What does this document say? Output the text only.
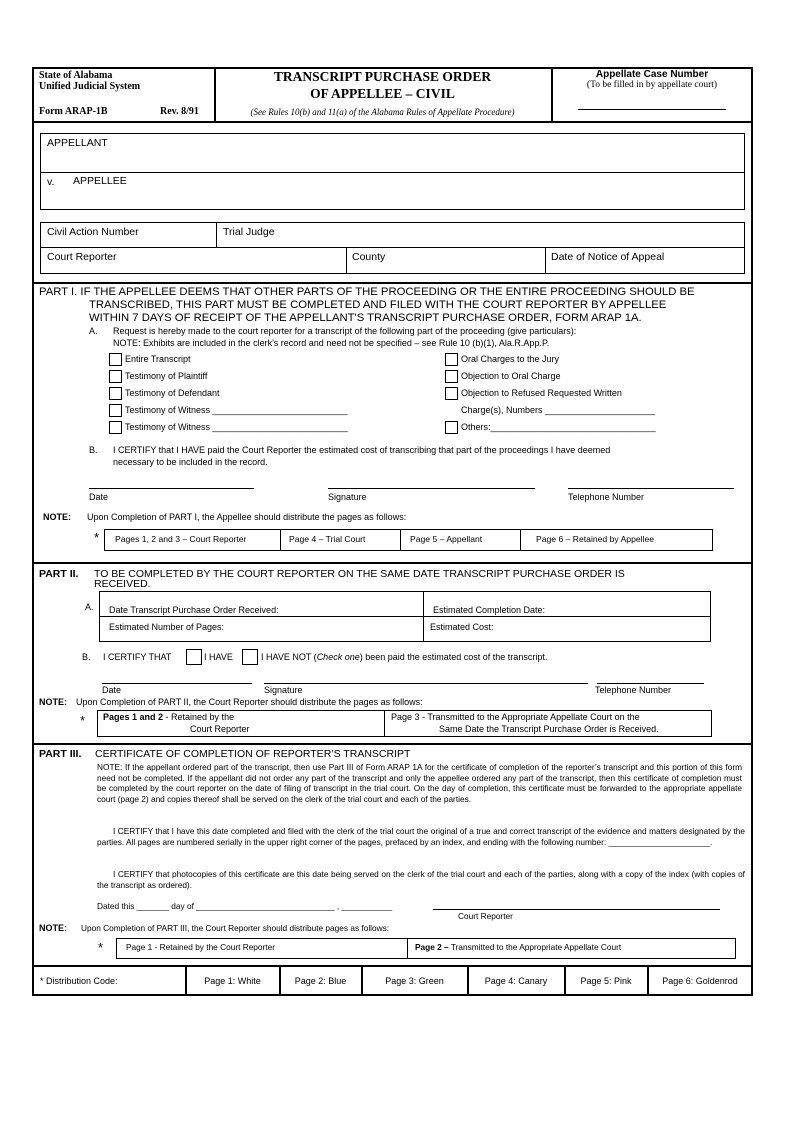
State of Alabama
Unified Judicial System
Form ARAP-1B	Rev. 8/91
TRANSCRIPT PURCHASE ORDER
OF APPELLEE – CIVIL
(See Rules 10(b) and 11(a) of the Alabama Rules of Appellate Procedure)
Appellate Case Number
(To be filled in by appellate court)
APPELLANT
v. APPELLEE
Civil Action Number	Trial Judge
Court Reporter	County	Date of Notice of Appeal
PART I. IF THE APPELLEE DEEMS THAT OTHER PARTS OF THE PROCEEDING OR THE ENTIRE PROCEEDING SHOULD BE
TRANSCRIBED, THIS PART MUST BE COMPLETED AND FILED WITH THE COURT REPORTER BY APPELLEE
WITHIN 7 DAYS OF RECEIPT OF THE APPELLANT'S TRANSCRIPT PURCHASE ORDER, FORM ARAP 1A.
A. Request is hereby made to the court reporter for a transcript of the following part of the proceeding (give particulars):
NOTE: Exhibits are included in the clerk's record and need not be specified – see Rule 10 (b)(1), Ala.R.App.P.
Entire Transcript
Testimony of Plaintiff
Testimony of Defendant
Testimony of Witness ___________________________
Testimony of Witness ___________________________
Oral Charges to the Jury
Objection to Oral Charge
Objection to Refused Requested Written
Charge(s), Numbers ______________________
Others:_________________________________
B. I CERTIFY that I HAVE paid the Court Reporter the estimated cost of transcribing that part of the proceedings I have deemed
necessary to be included in the record.
Date	Signature	Telephone Number
NOTE: Upon Completion of PART I, the Appellee should distribute the pages as follows:
* Pages 1, 2 and 3 – Court Reporter	Page 4 – Trial Court	Page 5 – Appellant	Page 6 – Retained by Appellee
PART II. TO BE COMPLETED BY THE COURT REPORTER ON THE SAME DATE TRANSCRIPT PURCHASE ORDER IS
RECEIVED.
A. Date Transcript Purchase Order Received:	Estimated Completion Date:
Estimated Number of Pages:	Estimated Cost:
B. I CERTIFY THAT	I HAVE	I HAVE NOT (Check one) been paid the estimated cost of the transcript.
Date	Signature	Telephone Number
NOTE: Upon Completion of PART II, the Court Reporter should distribute the pages as follows:
* Pages 1 and 2 - Retained by the
Court Reporter
Page 3 - Transmitted to the Appropriate Appellate Court on the
Same Date the Transcript Purchase Order is Received.
PART III. CERTIFICATE OF COMPLETION OF REPORTER’S TRANSCRIPT
NOTE: If the appellant ordered part of the transcript, then use Part III of Form ARAP 1A for the certificate of completion of the reporter’s transcript and this portion of this form need not be completed. If the appellant did not order any part of the transcript and only the appellee ordered any part of the transcript, then this certificate of completion must be completed by the court reporter on the date of filing of transcript in the trial court. On the day of completion, this certificate must be forwarded to the appropriate appellate court (page 2) and copies thereof shall be served on the clerk of the trial court and each of the parties.
I CERTIFY that I have this date completed and filed with the clerk of the trial court the original of a true and correct transcript of the evidence and matters designated by the parties. All pages are numbered serially in the upper right corner of the pages, prefaced by an index, and ending with the following number: ______________________.
I CERTIFY that photocopies of this certificate are this date being served on the clerk of the trial court and each of the parties, along with a copy of the index (with copies of the transcript as ordered).
Dated this _______ day of ______________________________ , ___________
Court Reporter
NOTE: Upon Completion of PART III, the Court Reporter should distribute pages as follows:
*	Page 1 - Retained by the Court Reporter	Page 2 – Transmitted to the Appropriate Appellate Court
* Distribution Code:	Page 1: White	Page 2: Blue	Page 3: Green	Page 4: Canary	Page 5: Pink	Page 6: Goldenrod
